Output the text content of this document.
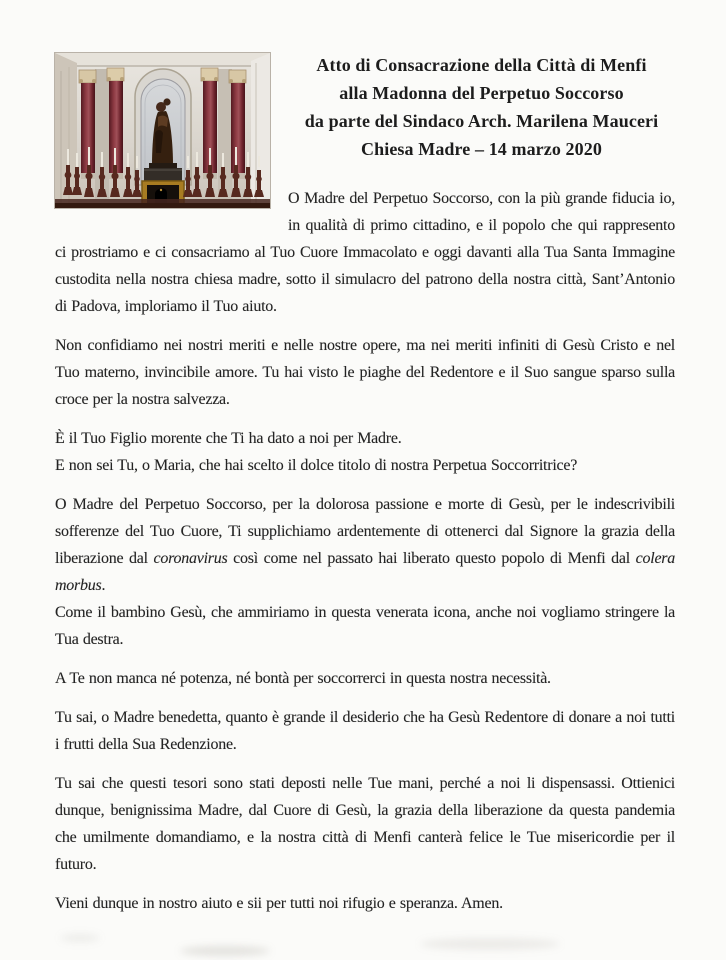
Atto di Consacrazione della Città di Menfi
alla Madonna del Perpetuo Soccorso
da parte del Sindaco Arch. Marilena Mauceri
Chiesa Madre – 14 marzo 2020

O Madre del Perpetuo Soccorso, con la più grande fiducia io, in qualità di primo cittadino, e il popolo che qui rappresento ci prostriamo e ci consacriamo al Tuo Cuore Immacolato e oggi davanti alla Tua Santa Immagine custodita nella nostra chiesa madre, sotto il simulacro del patrono della nostra città, Sant’Antonio di Padova, imploriamo il Tuo aiuto.

Non confidiamo nei nostri meriti e nelle nostre opere, ma nei meriti infiniti di Gesù Cristo e nel Tuo materno, invincibile amore. Tu hai visto le piaghe del Redentore e il Suo sangue sparso sulla croce per la nostra salvezza.

È il Tuo Figlio morente che Ti ha dato a noi per Madre.
E non sei Tu, o Maria, che hai scelto il dolce titolo di nostra Perpetua Soccorritrice?

O Madre del Perpetuo Soccorso, per la dolorosa passione e morte di Gesù, per le indescrivibili sofferenze del Tuo Cuore, Ti supplichiamo ardentemente di ottenerci dal Signore la grazia della liberazione dal coronavirus così come nel passato hai liberato questo popolo di Menfi dal colera morbus.
Come il bambino Gesù, che ammiriamo in questa venerata icona, anche noi vogliamo stringere la Tua destra.

A Te non manca né potenza, né bontà per soccorrerci in questa nostra necessità.

Tu sai, o Madre benedetta, quanto è grande il desiderio che ha Gesù Redentore di donare a noi tutti i frutti della Sua Redenzione.

Tu sai che questi tesori sono stati deposti nelle Tue mani, perché a noi li dispensassi. Ottienici dunque, benignissima Madre, dal Cuore di Gesù, la grazia della liberazione da questa pandemia che umilmente domandiamo, e la nostra città di Menfi canterà felice le Tue misericordie per il futuro.

Vieni dunque in nostro aiuto e sii per tutti noi rifugio e speranza. Amen.
